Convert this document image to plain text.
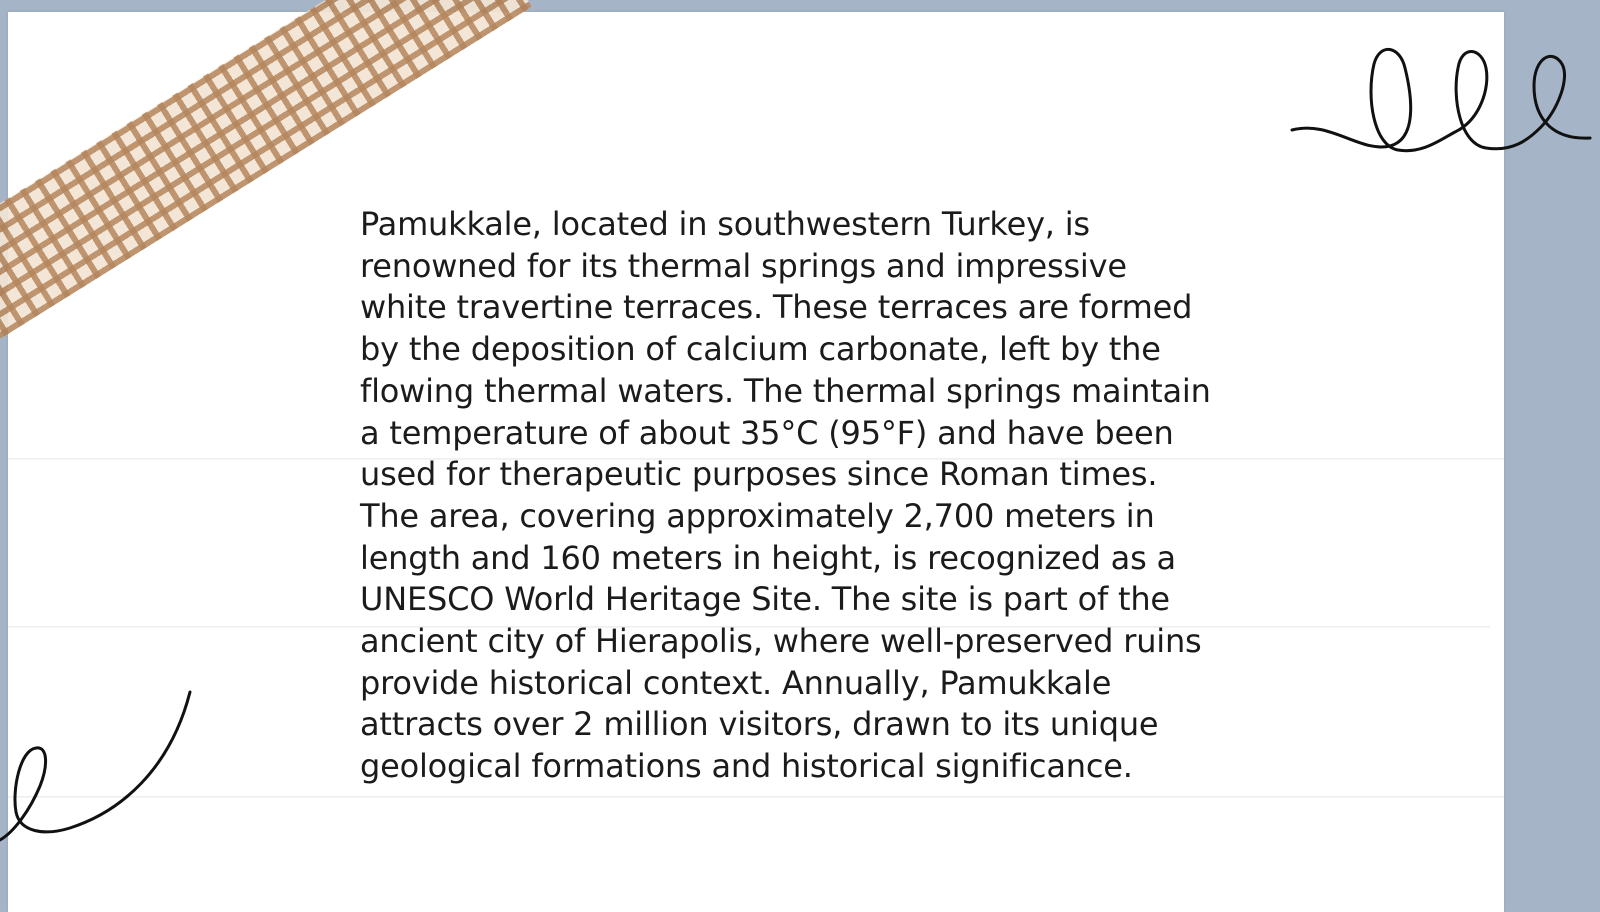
Pamukkale, located in southwestern Turkey, is
renowned for its thermal springs and impressive
white travertine terraces. These terraces are formed
by the deposition of calcium carbonate, left by the
flowing thermal waters. The thermal springs maintain
a temperature of about 35°C (95°F) and have been
used for therapeutic purposes since Roman times.
The area, covering approximately 2,700 meters in
length and 160 meters in height, is recognized as a
UNESCO World Heritage Site. The site is part of the
ancient city of Hierapolis, where well-preserved ruins
provide historical context. Annually, Pamukkale
attracts over 2 million visitors, drawn to its unique
geological formations and historical significance.
